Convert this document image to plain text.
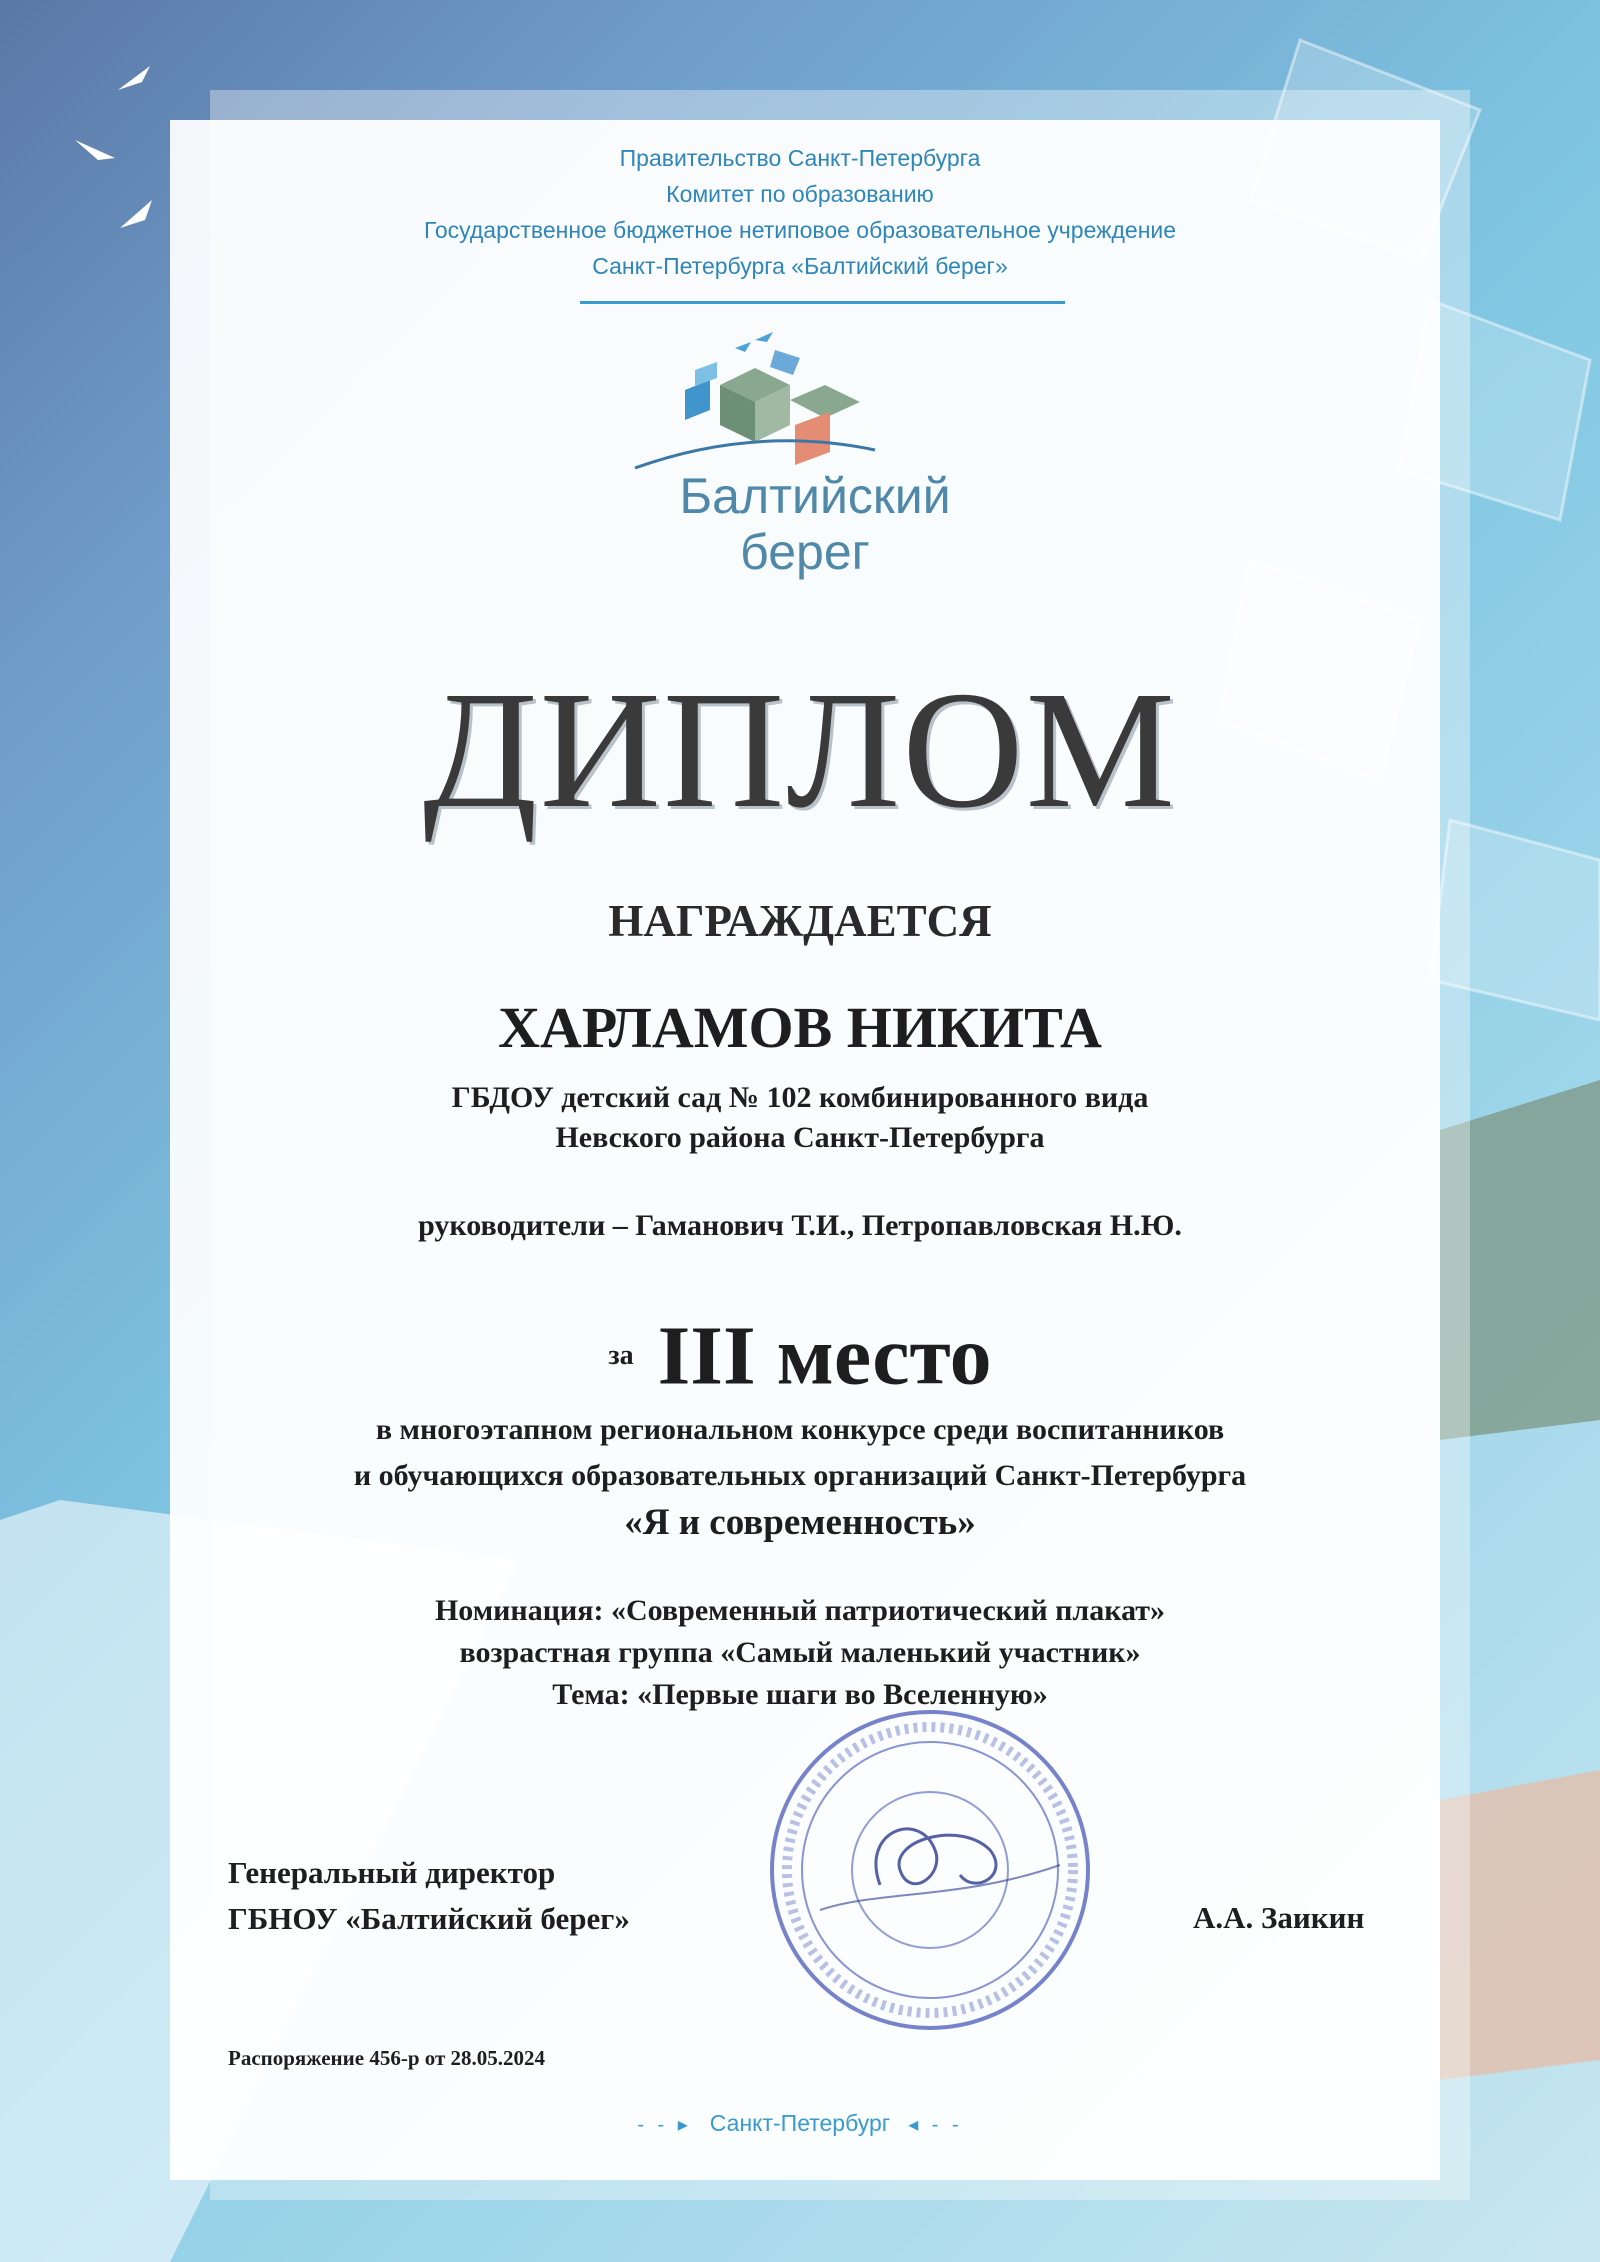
Правительство Санкт-Петербурга
Комитет по образованию
Государственное бюджетное нетиповое образовательное учреждение
Санкт-Петербурга «Балтийский берег»
Балтийский
берег
ДИПЛОМ
НАГРАЖДАЕТСЯ
ХАРЛАМОВ НИКИТА
ГБДОУ детский сад № 102 комбинированного вида
Невского района Санкт-Петербурга
руководители – Гаманович Т.И., Петропавловская Н.Ю.
за III место
в многоэтапном региональном конкурсе среди воспитанников
и обучающихся образовательных организаций Санкт-Петербурга
«Я и современность»
Номинация: «Современный патриотический плакат»
возрастная группа «Самый маленький участник»
Тема: «Первые шаги во Вселенную»
Генеральный директор
ГБНОУ «Балтийский берег»	А.А. Заикин
Распоряжение 456-р от 28.05.2024
- - ▸ Санкт-Петербург ◂ - -
